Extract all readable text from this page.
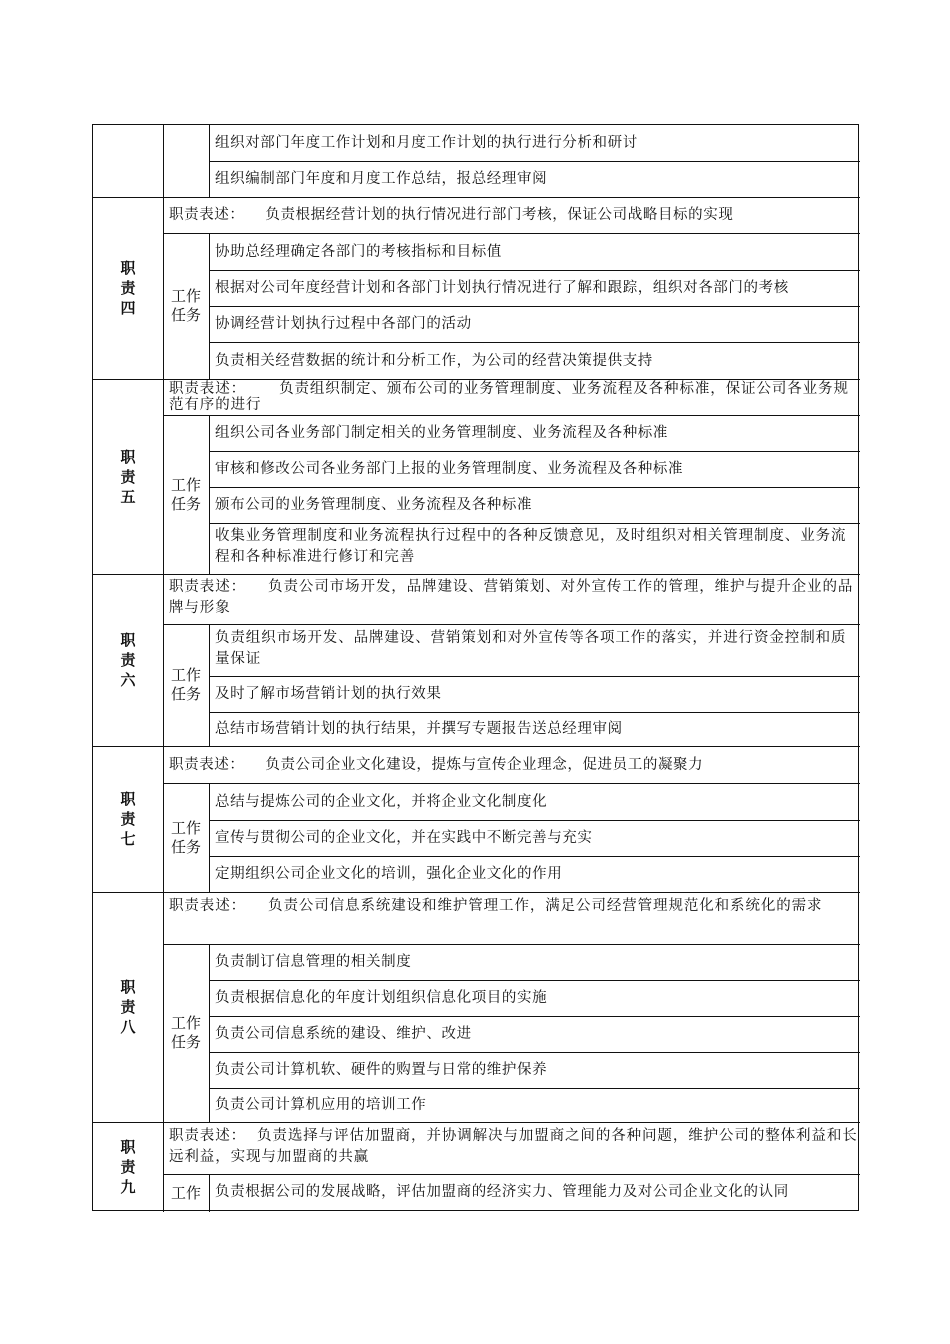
组织对部门年度工作计划和月度工作计划的执行进行分析和研讨
组织编制部门年度和月度工作总结，报总经理审阅
职责四
职责表述：
负责根据经营计划的执行情况进行部门考核，保证公司战略目标的实现
工作任务
协助总经理确定各部门的考核指标和目标值
根据对公司年度经营计划和各部门计划执行情况进行了解和跟踪，组织对各部门的考核
协调经营计划执行过程中各部门的活动
负责相关经营数据的统计和分析工作，为公司的经营决策提供支持
职责五
职责表述： 负责组织制定、颁布公司的业务管理制度、业务流程及各种标准，保证公司各业务规范有序的进行
工作任务
组织公司各业务部门制定相关的业务管理制度、业务流程及各种标准
审核和修改公司各业务部门上报的业务管理制度、业务流程及各种标准
颁布公司的业务管理制度、业务流程及各种标准
收集业务管理制度和业务流程执行过程中的各种反馈意见，及时组织对相关管理制度、业务流程和各种标准进行修订和完善
职责六
职责表述： 负责公司市场开发，品牌建设、营销策划、对外宣传工作的管理，维护与提升企业的品牌与形象
工作任务
负责组织市场开发、品牌建设、营销策划和对外宣传等各项工作的落实，并进行资金控制和质量保证
及时了解市场营销计划的执行效果
总结市场营销计划的执行结果，并撰写专题报告送总经理审阅
职责七
职责表述：
负责公司企业文化建设，提炼与宣传企业理念，促进员工的凝聚力
工作任务
总结与提炼公司的企业文化，并将企业文化制度化
宣传与贯彻公司的企业文化，并在实践中不断完善与充实
定期组织公司企业文化的培训，强化企业文化的作用
职责八
职责表述： 负责公司信息系统建设和维护管理工作，满足公司经营管理规范化和系统化的需求
工作任务
负责制订信息管理的相关制度
负责根据信息化的年度计划组织信息化项目的实施
负责公司信息系统的建设、维护、改进
负责公司计算机软、硬件的购置与日常的维护保养
负责公司计算机应用的培训工作
职责九
职责表述： 负责选择与评估加盟商，并协调解决与加盟商之间的各种问题，维护公司的整体利益和长远利益，实现与加盟商的共赢
工作 负责根据公司的发展战略，评估加盟商的经济实力、管理能力及对公司企业文化的认同
